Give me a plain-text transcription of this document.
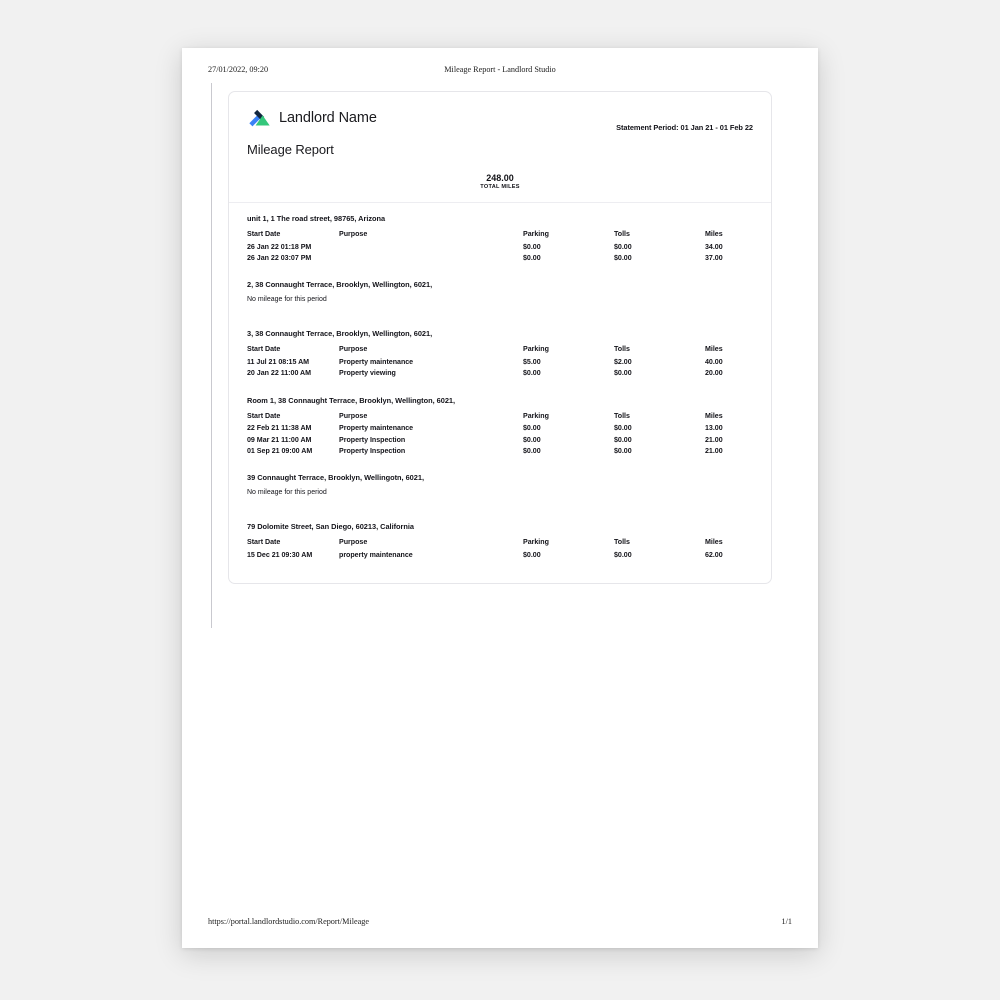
27/01/2022, 09:20	Mileage Report - Landlord Studio
Landlord Name
Mileage Report
Statement Period: 01 Jan 21 - 01 Feb 22
248.00
TOTAL MILES
unit 1, 1 The road street, 98765, Arizona
Start Date	Purpose	Parking	Tolls	Miles
26 Jan 22 01:18 PM		$0.00	$0.00	34.00
26 Jan 22 03:07 PM		$0.00	$0.00	37.00
2, 38 Connaught Terrace, Brooklyn, Wellington, 6021,
No mileage for this period
3, 38 Connaught Terrace, Brooklyn, Wellington, 6021,
Start Date	Purpose	Parking	Tolls	Miles
11 Jul 21 08:15 AM	Property maintenance	$5.00	$2.00	40.00
20 Jan 22 11:00 AM	Property viewing	$0.00	$0.00	20.00
Room 1, 38 Connaught Terrace, Brooklyn, Wellington, 6021,
Start Date	Purpose	Parking	Tolls	Miles
22 Feb 21 11:38 AM	Property maintenance	$0.00	$0.00	13.00
09 Mar 21 11:00 AM	Property Inspection	$0.00	$0.00	21.00
01 Sep 21 09:00 AM	Property Inspection	$0.00	$0.00	21.00
39 Connaught Terrace, Brooklyn, Wellingotn, 6021,
No mileage for this period
79 Dolomite Street, San Diego, 60213, California
Start Date	Purpose	Parking	Tolls	Miles
15 Dec 21 09:30 AM	property maintenance	$0.00	$0.00	62.00
https://portal.landlordstudio.com/Report/Mileage	1/1
